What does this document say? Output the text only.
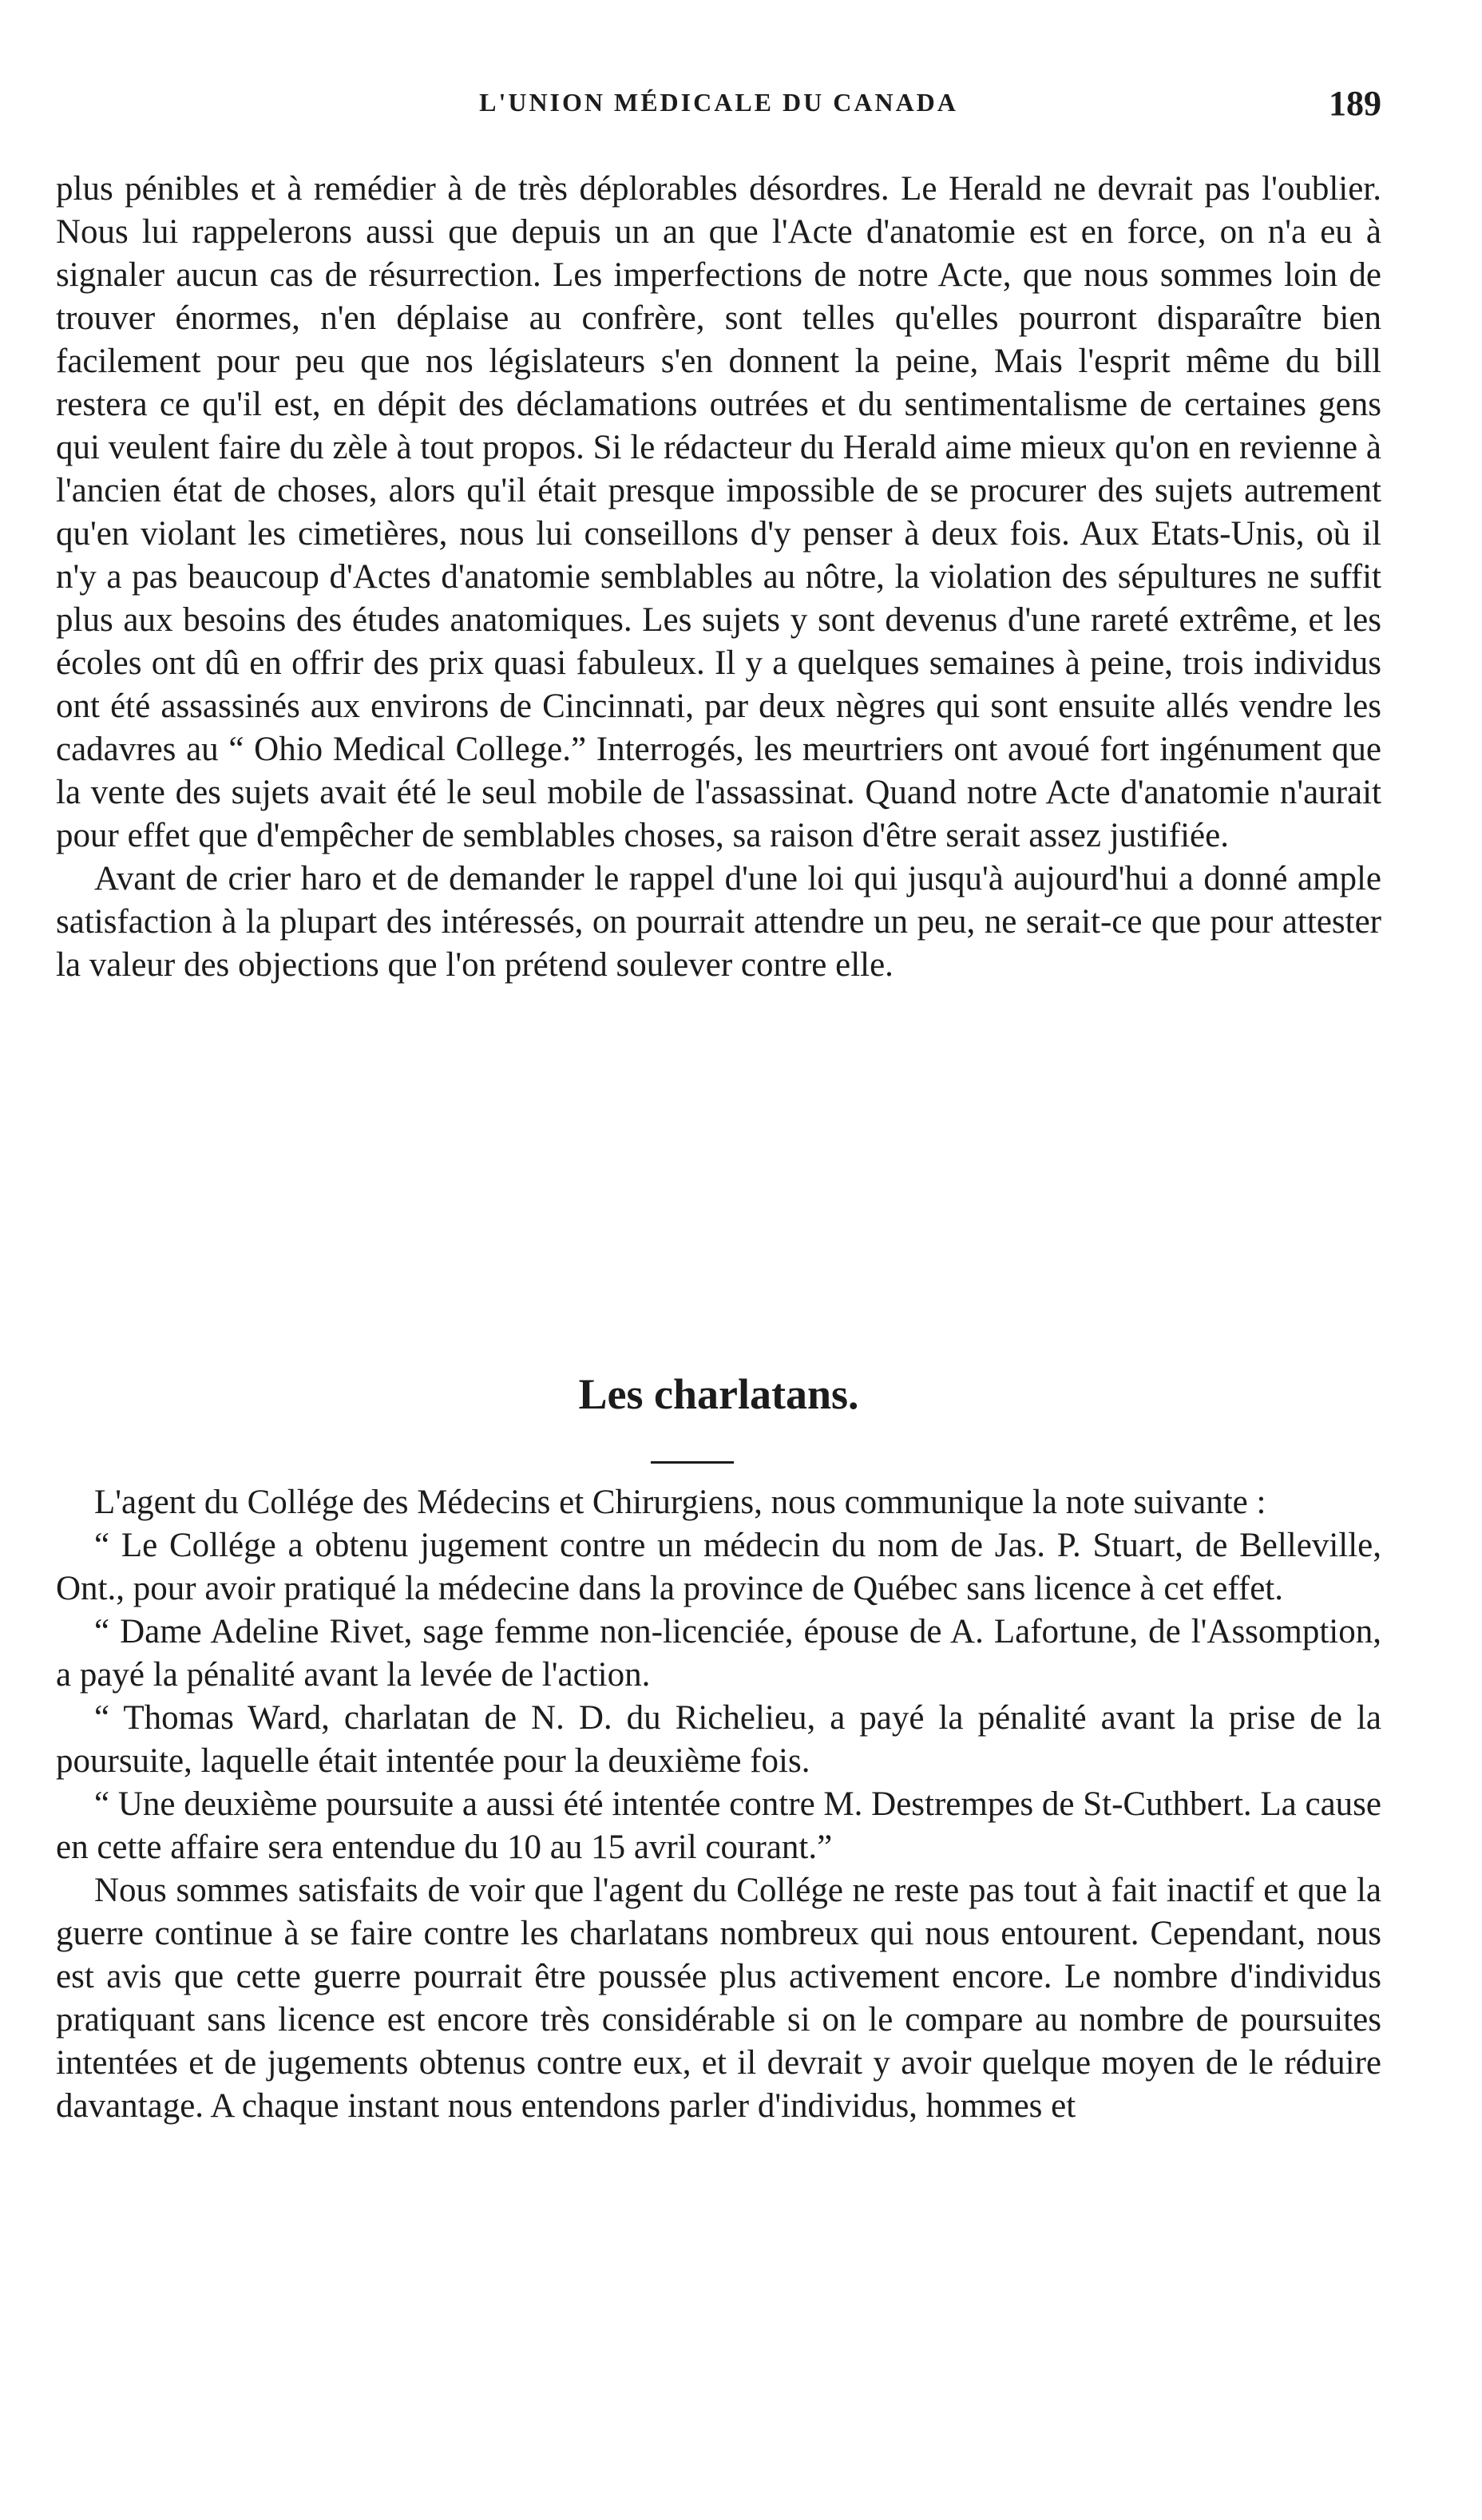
L'UNION MÉDICALE DU CANADA	189

plus pénibles et à remédier à de très déplorables désordres. Le Herald ne devrait pas l'oublier. Nous lui rappelerons aussi que depuis un an que l'Acte d'anatomie est en force, on n'a eu à signaler aucun cas de résurrection. Les imperfections de notre Acte, que nous sommes loin de trouver énormes, n'en déplaise au confrère, sont telles qu'elles pourront disparaître bien facilement pour peu que nos législateurs s'en donnent la peine, Mais l'esprit même du bill restera ce qu'il est, en dépit des déclamations outrées et du sentimentalisme de certaines gens qui veulent faire du zèle à tout propos. Si le rédacteur du Herald aime mieux qu'on en revienne à l'ancien état de choses, alors qu'il était presque impossible de se procurer des sujets autrement qu'en violant les cimetières, nous lui conseillons d'y penser à deux fois. Aux Etats-Unis, où il n'y a pas beaucoup d'Actes d'anatomie semblables au nôtre, la violation des sépultures ne suffit plus aux besoins des études anatomiques. Les sujets y sont devenus d'une rareté extrême, et les écoles ont dû en offrir des prix quasi fabuleux. Il y a quelques semaines à peine, trois individus ont été assassinés aux environs de Cincinnati, par deux nègres qui sont ensuite allés vendre les cadavres au “ Ohio Medical College.” Interrogés, les meurtriers ont avoué fort ingénument que la vente des sujets avait été le seul mobile de l'assassinat. Quand notre Acte d'anatomie n'aurait pour effet que d'empêcher de semblables choses, sa raison d'être serait assez justifiée.

Avant de crier haro et de demander le rappel d'une loi qui jusqu'à aujourd'hui a donné ample satisfaction à la plupart des intéressés, on pourrait attendre un peu, ne serait-ce que pour attester la valeur des objections que l'on prétend soulever contre elle.

Les charlatans.

L'agent du Collége des Médecins et Chirurgiens, nous communique la note suivante :

“ Le Collége a obtenu jugement contre un médecin du nom de Jas. P. Stuart, de Belleville, Ont., pour avoir pratiqué la médecine dans la province de Québec sans licence à cet effet.

“ Dame Adeline Rivet, sage femme non-licenciée, épouse de A. Lafortune, de l'Assomption, a payé la pénalité avant la levée de l'action.

“ Thomas Ward, charlatan de N. D. du Richelieu, a payé la pénalité avant la prise de la poursuite, laquelle était intentée pour la deuxième fois.

“ Une deuxième poursuite a aussi été intentée contre M. Destrempes de St-Cuthbert. La cause en cette affaire sera entendue du 10 au 15 avril courant.”

Nous sommes satisfaits de voir que l'agent du Collége ne reste pas tout à fait inactif et que la guerre continue à se faire contre les charlatans nombreux qui nous entourent. Cependant, nous est avis que cette guerre pourrait être poussée plus activement encore. Le nombre d'individus pratiquant sans licence est encore très considérable si on le compare au nombre de poursuites intentées et de jugements obtenus contre eux, et il devrait y avoir quelque moyen de le réduire davantage. A chaque instant nous entendons parler d'individus, hommes et
